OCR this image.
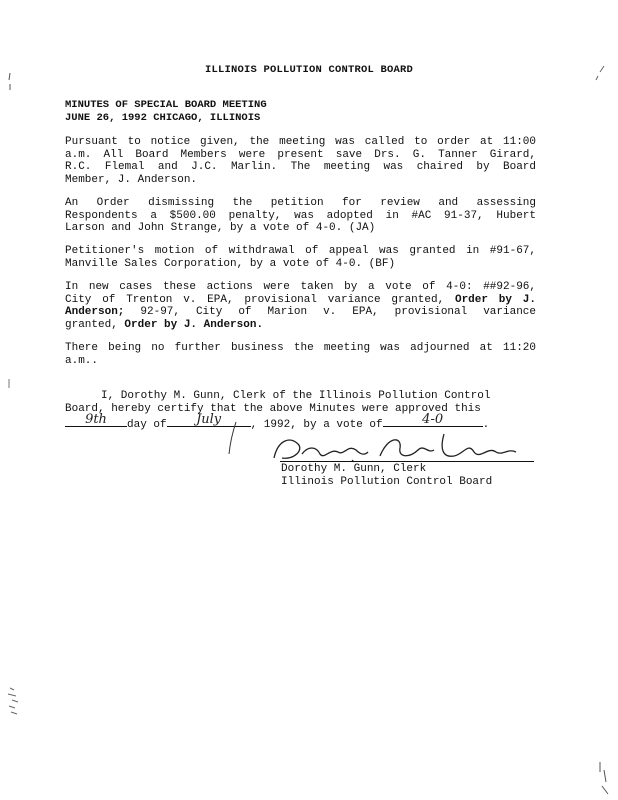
ILLINOIS POLLUTION CONTROL BOARD
MINUTES OF SPECIAL BOARD MEETING
JUNE 26, 1992 CHICAGO, ILLINOIS
Pursuant to notice given, the meeting was called to order at 11:00
a.m. All Board Members were present save Drs. G. Tanner Girard,
R.C. Flemal and J.C. Marlin. The meeting was chaired by Board
Member, J. Anderson.
An Order dismissing the petition for review and assessing
Respondents a $500.00 penalty, was adopted in #AC 91-37, Hubert
Larson and John Strange, by a vote of 4-0. (JA)
Petitioner's motion of withdrawal of appeal was granted in #91-67,
Manville Sales Corporation, by a vote of 4-0. (BF)
In new cases these actions were taken by a vote of 4-0: ##92-96,
City of Trenton v. EPA, provisional variance granted, Order by J.
Anderson; 92-97, City of Marion v. EPA, provisional variance
granted, Order by J. Anderson.
There being no further business the meeting was adjourned at 11:20
a.m..
I, Dorothy M. Gunn, Clerk of the Illinois Pollution Control
Board, hereby certify that the above Minutes were approved this
9th day of July	, 1992, by a vote of	4-0	.
Dorothy M. Gunn, Clerk
Illinois Pollution Control Board
